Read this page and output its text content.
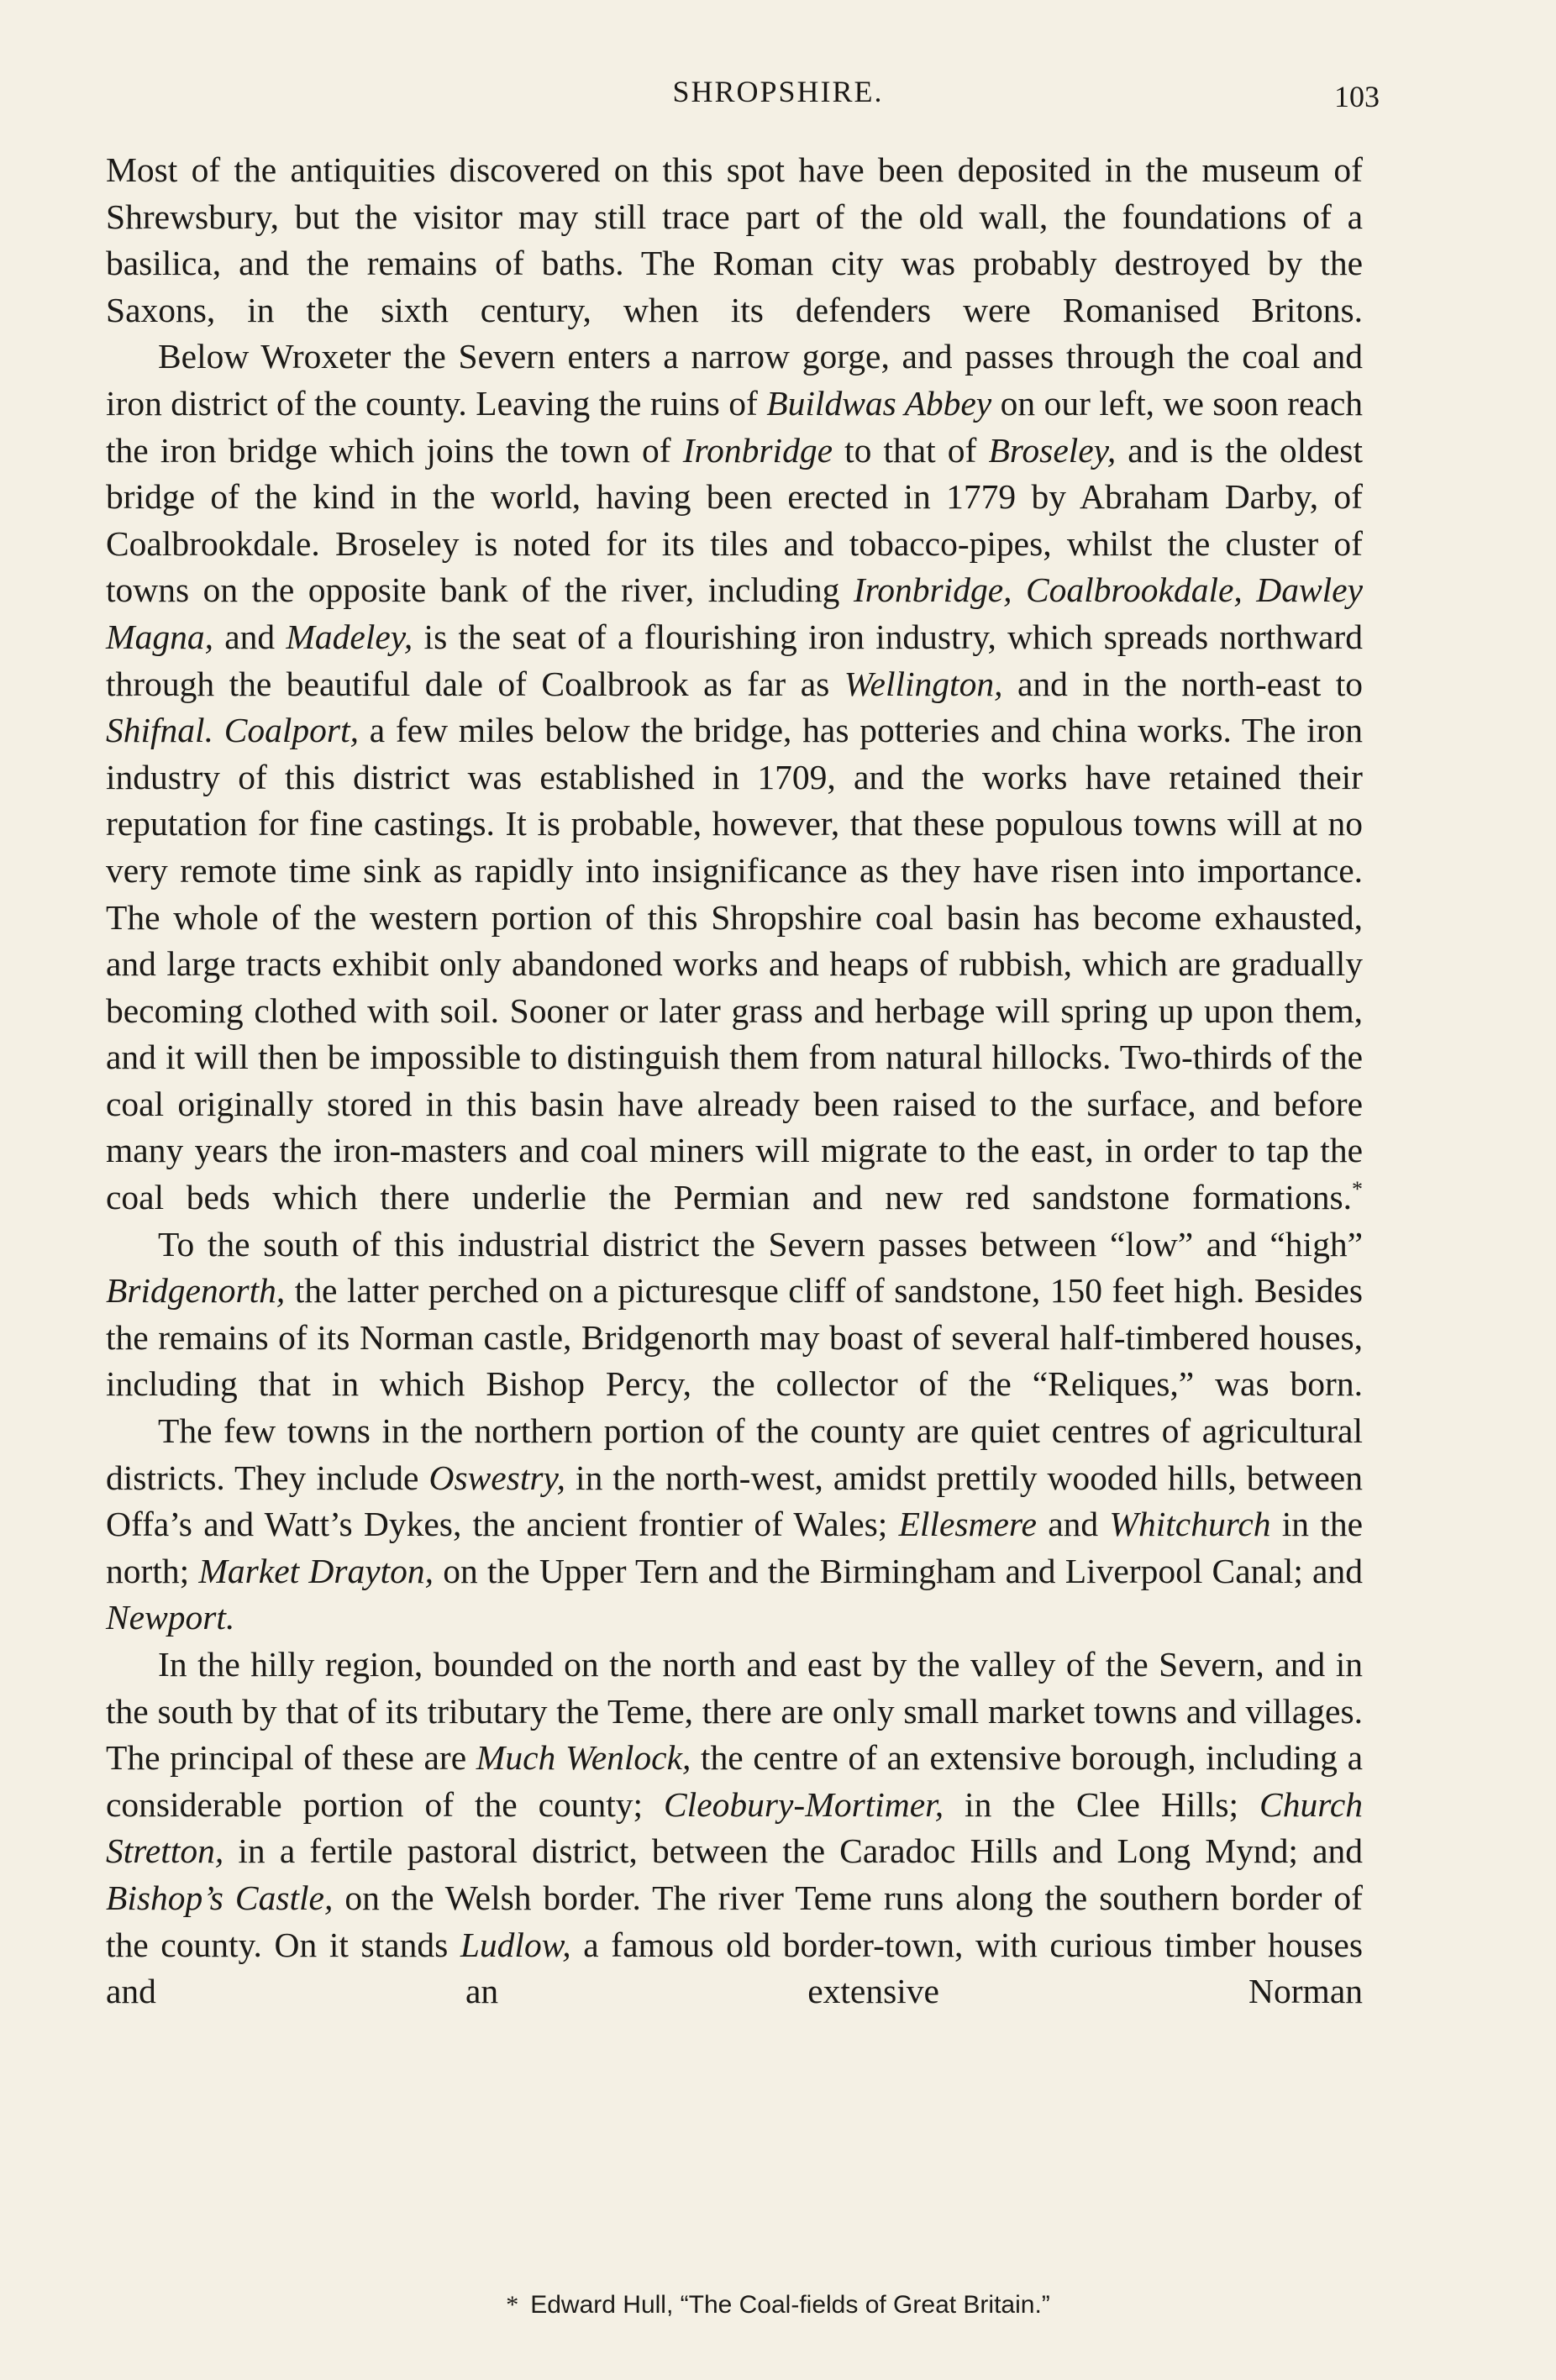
SHROPSHIRE.	103

Most of the antiquities discovered on this spot have been deposited in the museum of Shrewsbury, but the visitor may still trace part of the old wall, the foundations of a basilica, and the remains of baths. The Roman city was probably destroyed by the Saxons, in the sixth century, when its defenders were Romanised Britons.

Below Wroxeter the Severn enters a narrow gorge, and passes through the coal and iron district of the county. Leaving the ruins of Buildwas Abbey on our left, we soon reach the iron bridge which joins the town of Ironbridge to that of Broseley, and is the oldest bridge of the kind in the world, having been erected in 1779 by Abraham Darby, of Coalbrookdale. Broseley is noted for its tiles and tobacco-pipes, whilst the cluster of towns on the opposite bank of the river, including Ironbridge, Coalbrookdale, Dawley Magna, and Madeley, is the seat of a flourishing iron industry, which spreads northward through the beautiful dale of Coalbrook as far as Wellington, and in the north-east to Shifnal. Coalport, a few miles below the bridge, has potteries and china works. The iron industry of this district was established in 1709, and the works have retained their reputation for fine castings. It is probable, however, that these populous towns will at no very remote time sink as rapidly into insignificance as they have risen into importance. The whole of the western portion of this Shropshire coal basin has become exhausted, and large tracts exhibit only abandoned works and heaps of rubbish, which are gradually becoming clothed with soil. Sooner or later grass and herbage will spring up upon them, and it will then be impossible to distinguish them from natural hillocks. Two-thirds of the coal originally stored in this basin have already been raised to the surface, and before many years the iron-masters and coal miners will migrate to the east, in order to tap the coal beds which there underlie the Permian and new red sandstone formations.*

To the south of this industrial district the Severn passes between “low” and “high” Bridgenorth, the latter perched on a picturesque cliff of sandstone, 150 feet high. Besides the remains of its Norman castle, Bridgenorth may boast of several half-timbered houses, including that in which Bishop Percy, the collector of the “Reliques,” was born.

The few towns in the northern portion of the county are quiet centres of agricultural districts. They include Oswestry, in the north-west, amidst prettily wooded hills, between Offa’s and Watt’s Dykes, the ancient frontier of Wales; Ellesmere and Whitchurch in the north; Market Drayton, on the Upper Tern and the Birmingham and Liverpool Canal; and Newport.

In the hilly region, bounded on the north and east by the valley of the Severn, and in the south by that of its tributary the Teme, there are only small market towns and villages. The principal of these are Much Wenlock, the centre of an extensive borough, including a considerable portion of the county; Cleobury-Mortimer, in the Clee Hills; Church Stretton, in a fertile pastoral district, between the Caradoc Hills and Long Mynd; and Bishop’s Castle, on the Welsh border. The river Teme runs along the southern border of the county. On it stands Ludlow, a famous old border-town, with curious timber houses and an extensive Norman

* Edward Hull, “The Coal-fields of Great Britain.”
